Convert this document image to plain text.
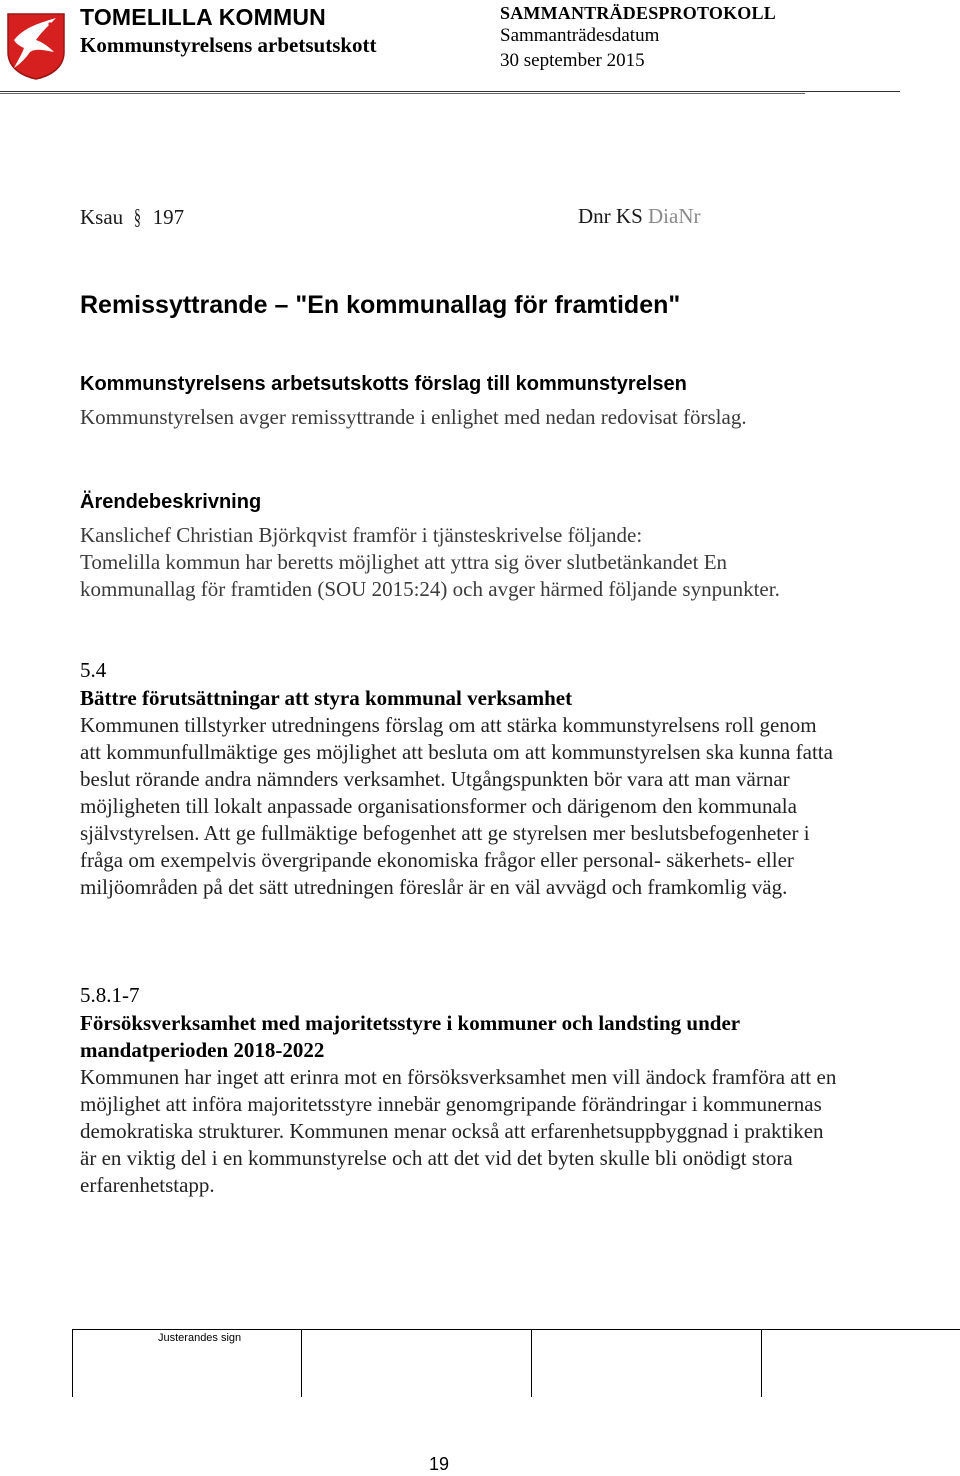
TOMELILLA KOMMUN
Kommunstyrelsens arbetsutskott
SAMMANTRÄDESPROTOKOLL
Sammanträdesdatum
30 september 2015
Ksau § 197	Dnr KS DiaNr
Remissyttrande – "En kommunallag för framtiden"
Kommunstyrelsens arbetsutskotts förslag till kommunstyrelsen
Kommunstyrelsen avger remissyttrande i enlighet med nedan redovisat förslag.
Ärendebeskrivning
Kanslichef Christian Björkqvist framför i tjänsteskrivelse följande:
Tomelilla kommun har beretts möjlighet att yttra sig över slutbetänkandet En kommunallag för framtiden (SOU 2015:24) och avger härmed följande synpunkter.
5.4
Bättre förutsättningar att styra kommunal verksamhet
Kommunen tillstyrker utredningens förslag om att stärka kommunstyrelsens roll genom att kommunfullmäktige ges möjlighet att besluta om att kommunstyrelsen ska kunna fatta beslut rörande andra nämnders verksamhet. Utgångspunkten bör vara att man värnar möjligheten till lokalt anpassade organisationsformer och därigenom den kommunala självstyrelsen. Att ge fullmäktige befogenhet att ge styrelsen mer beslutsbefogenheter i fråga om exempelvis övergripande ekonomiska frågor eller personal- säkerhets- eller miljöområden på det sätt utredningen föreslår är en väl avvägd och framkomlig väg.
5.8.1-7
Försöksverksamhet med majoritetsstyre i kommuner och landsting under mandatperioden 2018-2022
Kommunen har inget att erinra mot en försöksverksamhet men vill ändock framföra att en möjlighet att införa majoritetsstyre innebär genomgripande förändringar i kommunernas demokratiska strukturer. Kommunen menar också att erfarenhetsuppbyggnad i praktiken är en viktig del i en kommunstyrelse och att det vid det byten skulle bli onödigt stora erfarenhetstapp.
Justerandes sign
19
